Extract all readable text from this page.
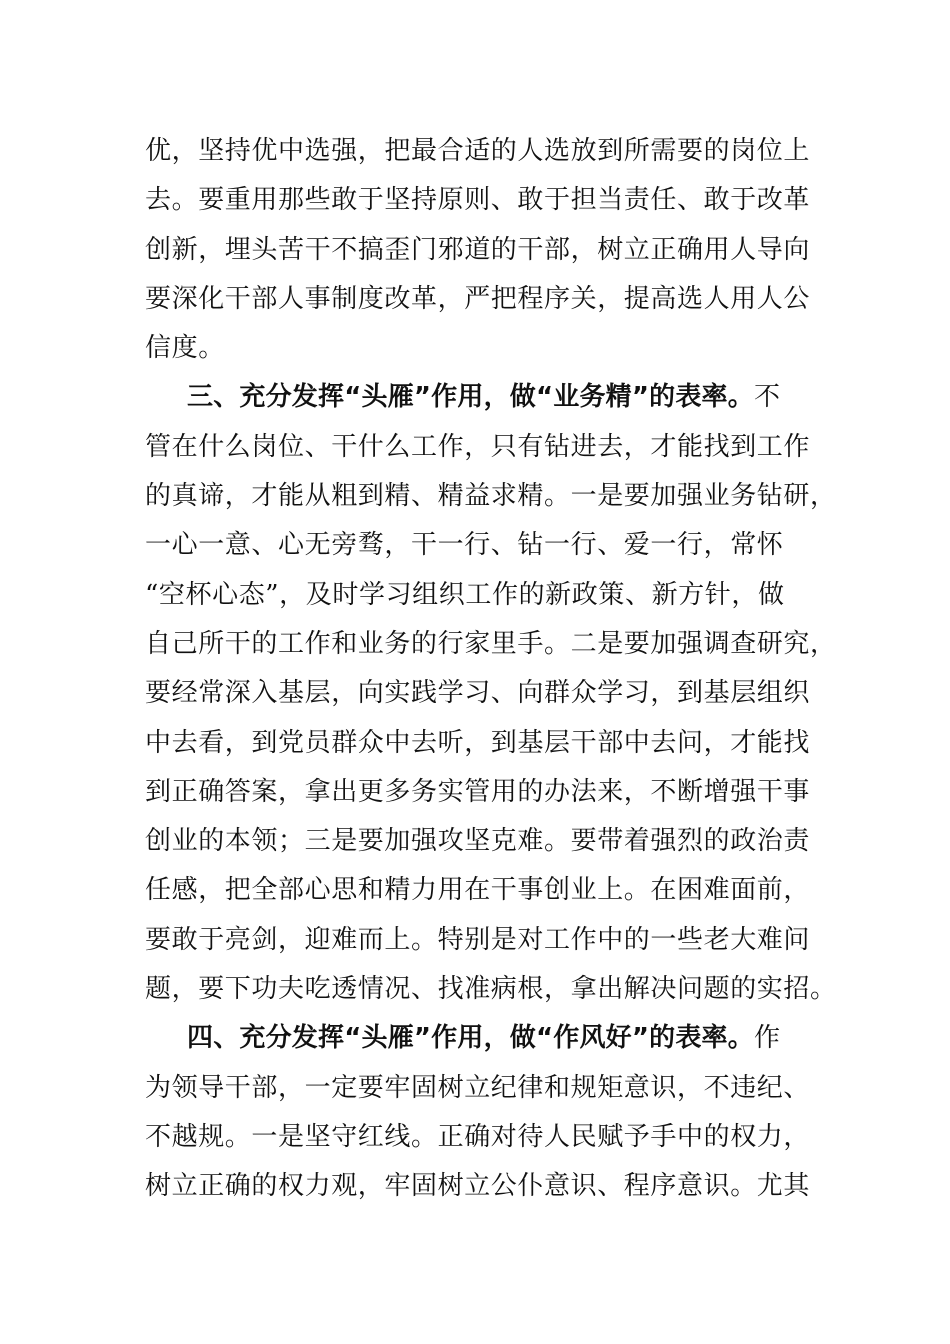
优，坚持优中选强，把最合适的人选放到所需要的岗位上
去。要重用那些敢于坚持原则、敢于担当责任、敢于改革
创新，埋头苦干不搞歪门邪道的干部，树立正确用人导向
要深化干部人事制度改革，严把程序关，提高选人用人公
信度。
三、充分发挥“头雁”作用，做“业务精”的表率。不
管在什么岗位、干什么工作，只有钻进去，才能找到工作
的真谛，才能从粗到精、精益求精。一是要加强业务钻研，
一心一意、心无旁骛，干一行、钻一行、爱一行，常怀
“空杯心态”，及时学习组织工作的新政策、新方针，做
自己所干的工作和业务的行家里手。二是要加强调查研究，
要经常深入基层，向实践学习、向群众学习，到基层组织
中去看，到党员群众中去听，到基层干部中去问，才能找
到正确答案，拿出更多务实管用的办法来，不断增强干事
创业的本领；三是要加强攻坚克难。要带着强烈的政治责
任感，把全部心思和精力用在干事创业上。在困难面前，
要敢于亮剑，迎难而上。特别是对工作中的一些老大难问
题，要下功夫吃透情况、找准病根，拿出解决问题的实招。
四、充分发挥“头雁”作用，做“作风好”的表率。作
为领导干部，一定要牢固树立纪律和规矩意识，不违纪、
不越规。一是坚守红线。正确对待人民赋予手中的权力，
树立正确的权力观，牢固树立公仆意识、程序意识。尤其
